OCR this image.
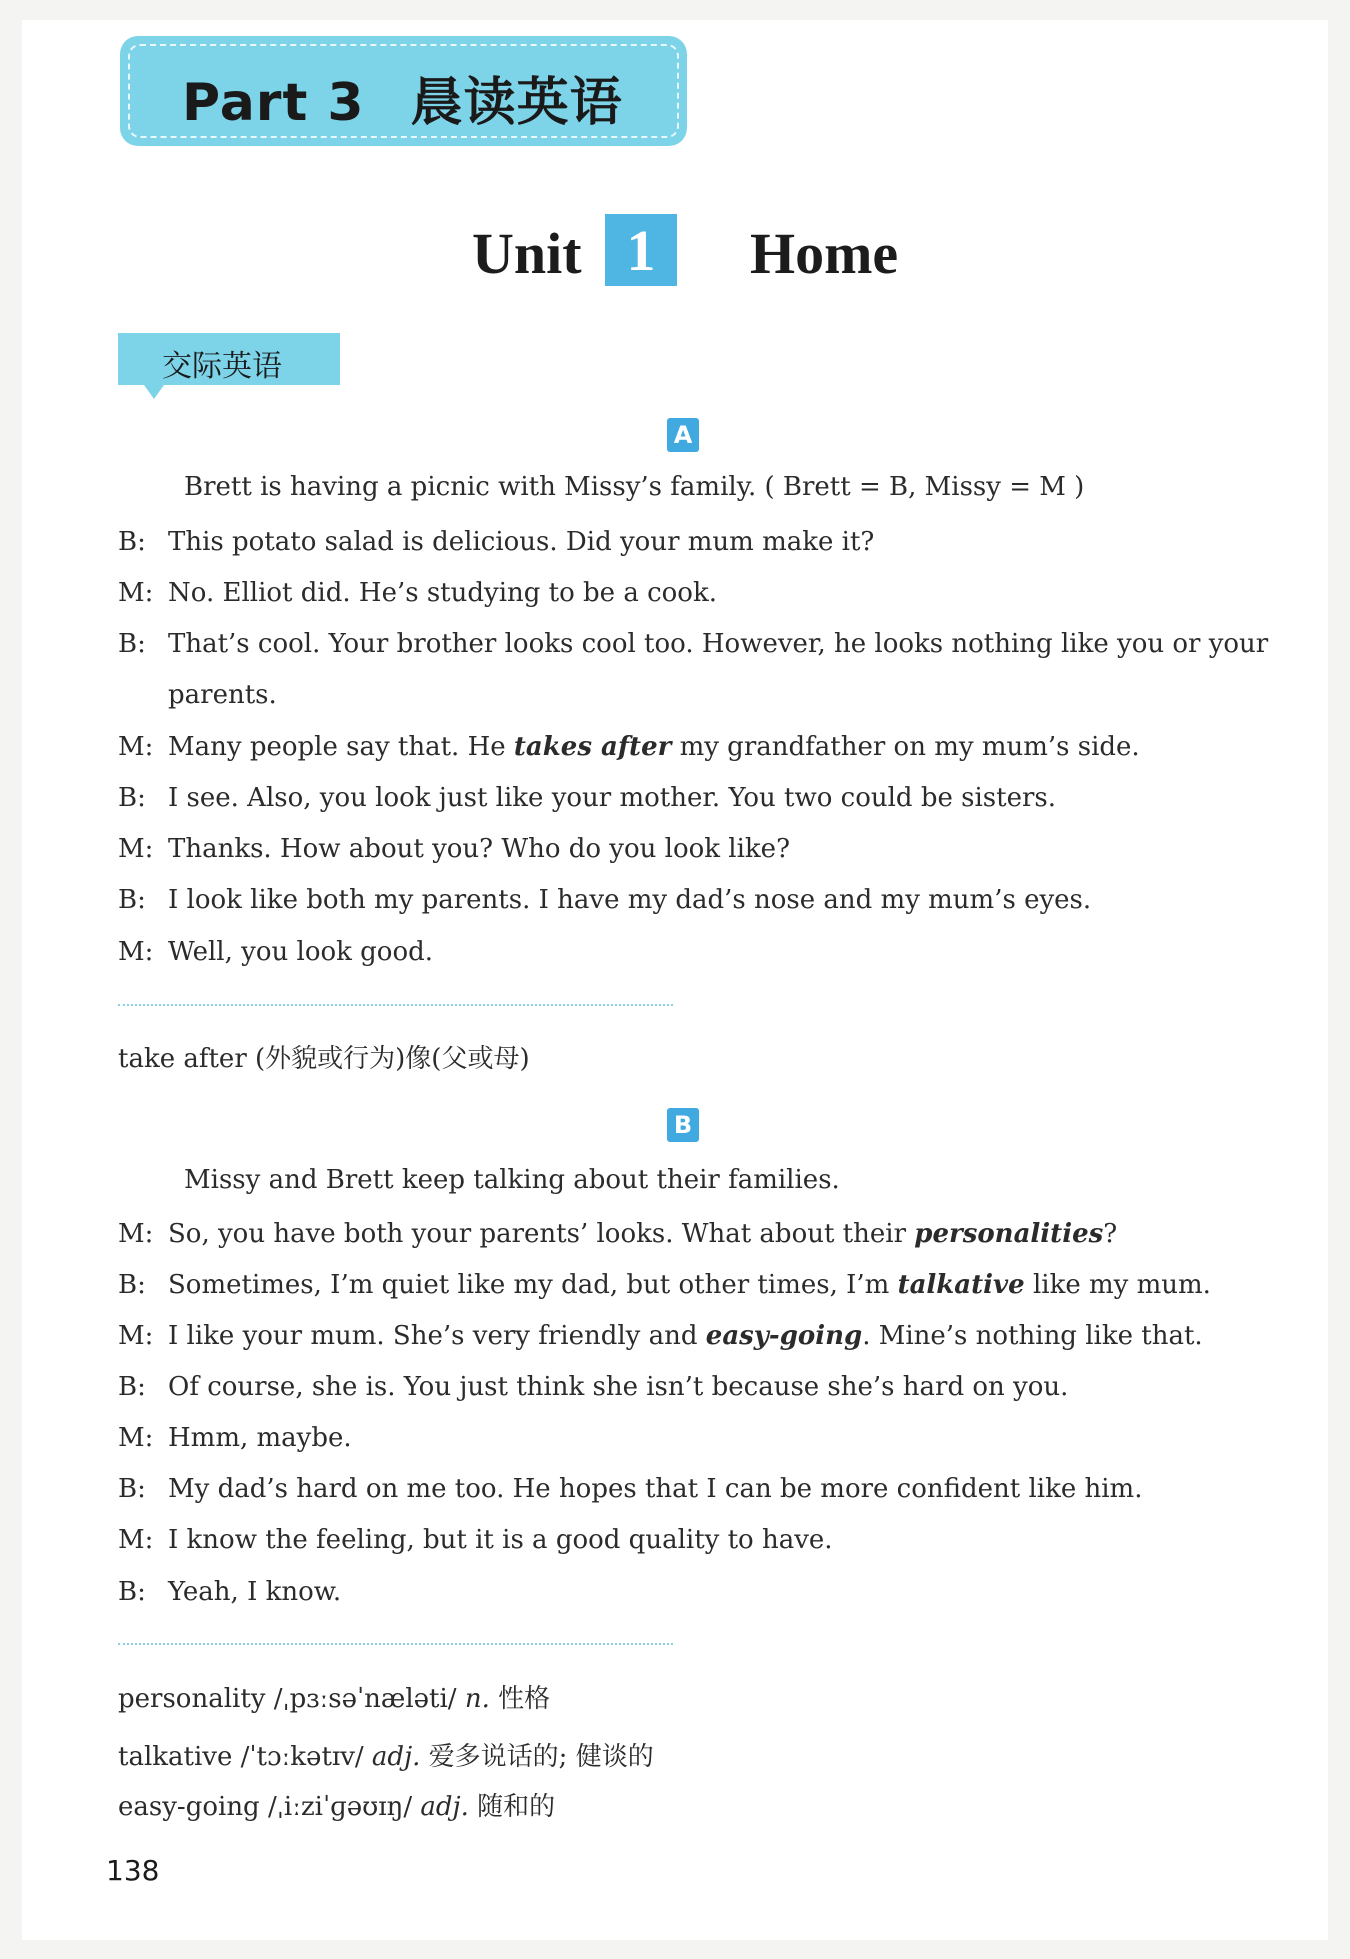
Part 3 晨读英语
Unit 1	Home
交际英语
A
Brett is having a picnic with Missy’s family. ( Brett = B, Missy = M )
B: This potato salad is delicious. Did your mum make it?
M: No. Elliot did. He’s studying to be a cook.
B: That’s cool. Your brother looks cool too. However, he looks nothing like you or your
parents.
M: Many people say that. He takes after my grandfather on my mum’s side.
B: I see. Also, you look just like your mother. You two could be sisters.
M: Thanks. How about you? Who do you look like?
B: I look like both my parents. I have my dad’s nose and my mum’s eyes.
M: Well, you look good.
take after (外貌或行为)像(父或母)
B
Missy and Brett keep talking about their families.
M: So, you have both your parents’ looks. What about their personalities?
B: Sometimes, I’m quiet like my dad, but other times, I’m talkative like my mum.
M: I like your mum. She’s very friendly and easy-going. Mine’s nothing like that.
B: Of course, she is. You just think she isn’t because she’s hard on you.
M: Hmm, maybe.
B: My dad’s hard on me too. He hopes that I can be more confident like him.
M: I know the feeling, but it is a good quality to have.
B: Yeah, I know.
personality /ˌpɜːsəˈnæləti/ n. 性格
talkative /ˈtɔːkətɪv/ adj. 爱多说话的; 健谈的
easy-going /ˌiːziˈɡəʊɪŋ/ adj. 随和的
138
